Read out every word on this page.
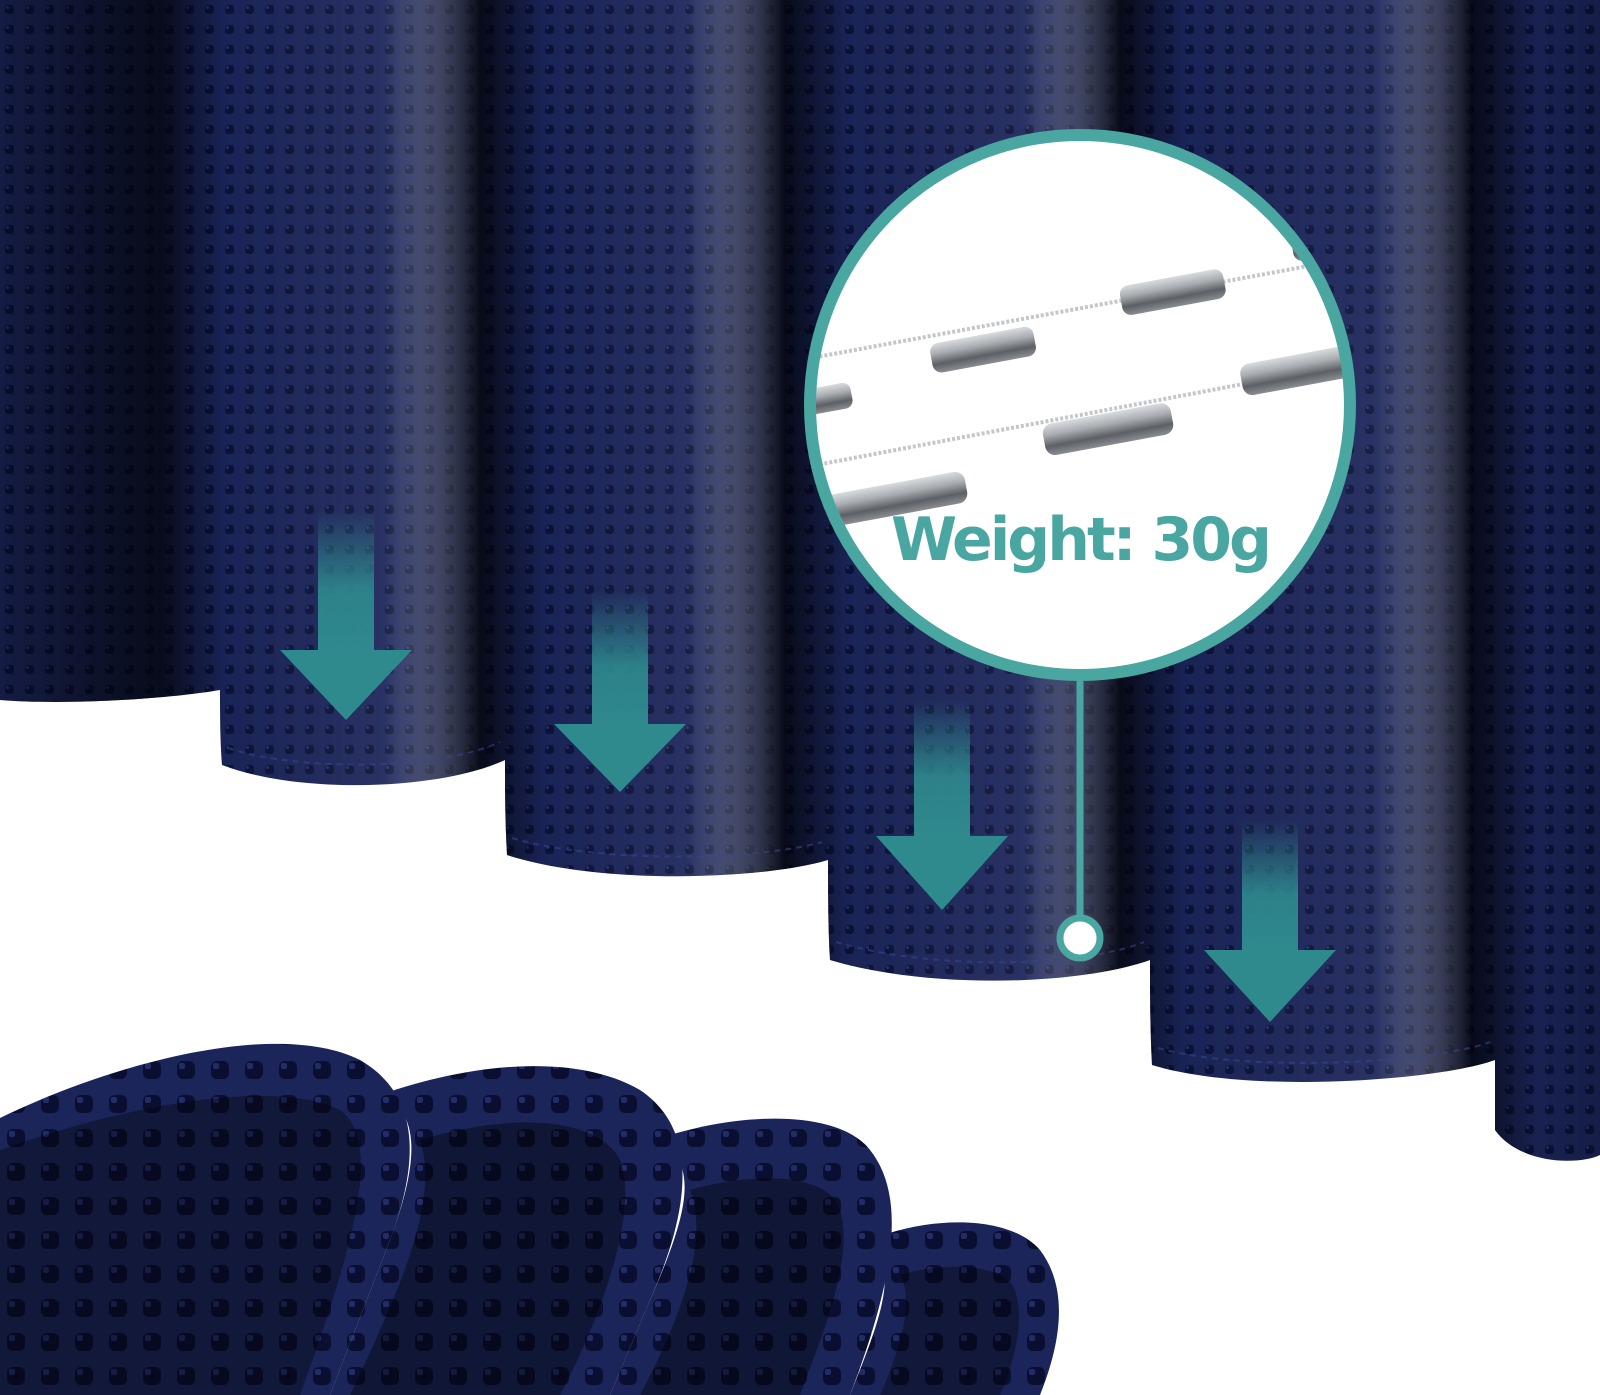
Weight: 30g
